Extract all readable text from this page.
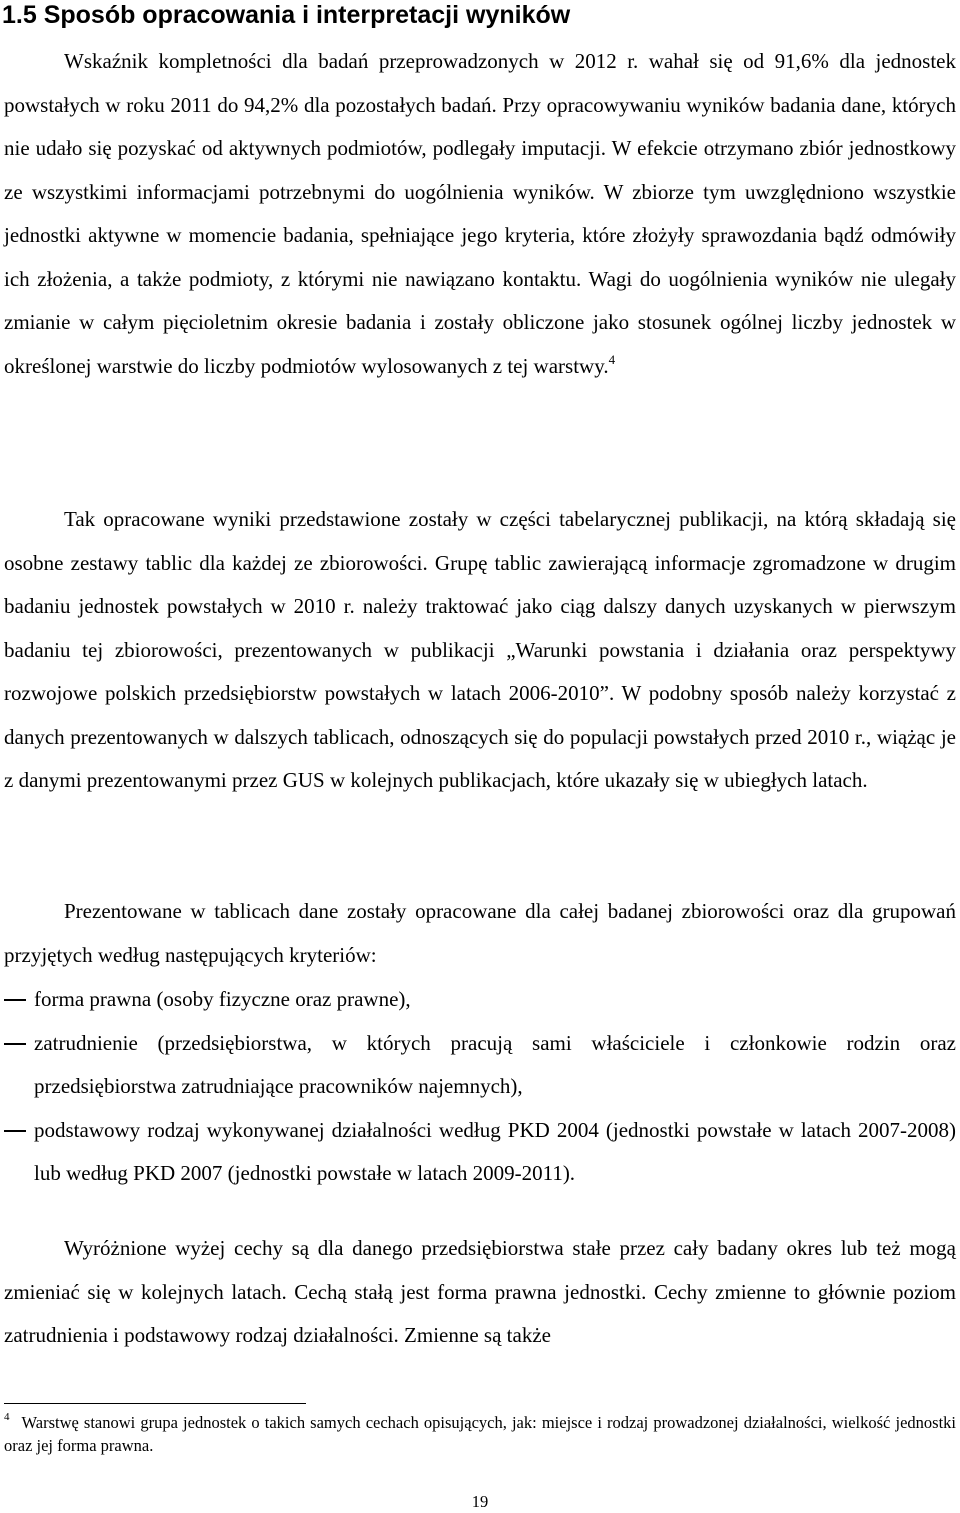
1.5 Sposób opracowania i interpretacji wyników

Wskaźnik kompletności dla badań przeprowadzonych w 2012 r. wahał się od 91,6% dla jednostek powstałych w roku 2011 do 94,2% dla pozostałych badań. Przy opracowywaniu wyników badania dane, których nie udało się pozyskać od aktywnych podmiotów, podlegały imputacji. W efekcie otrzymano zbiór jednostkowy ze wszystkimi informacjami potrzebnymi do uogólnienia wyników. W zbiorze tym uwzględniono wszystkie jednostki aktywne w momencie badania, spełniające jego kryteria, które złożyły sprawozdania bądź odmówiły ich złożenia, a także podmioty, z którymi nie nawiązano kontaktu. Wagi do uogólnienia wyników nie ulegały zmianie w całym pięcioletnim okresie badania i zostały obliczone jako stosunek ogólnej liczby jednostek w określonej warstwie do liczby podmiotów wylosowanych z tej warstwy.$^4$

Tak opracowane wyniki przedstawione zostały w części tabelarycznej publikacji, na którą składają się osobne zestawy tablic dla każdej ze zbiorowości. Grupę tablic zawierającą informacje zgromadzone w drugim badaniu jednostek powstałych w 2010 r. należy traktować jako ciąg dalszy danych uzyskanych w pierwszym badaniu tej zbiorowości, prezentowanych w publikacji „Warunki powstania i działania oraz perspektywy rozwojowe polskich przedsiębiorstw powstałych w latach 2006-2010”. W podobny sposób należy korzystać z danych prezentowanych w dalszych tablicach, odnoszących się do populacji powstałych przed 2010 r., wiążąc je z danymi prezentowanymi przez GUS w kolejnych publikacjach, które ukazały się w ubiegłych latach.

Prezentowane w tablicach dane zostały opracowane dla całej badanej zbiorowości oraz dla grupowań przyjętych według następujących kryteriów:

forma prawna (osoby fizyczne oraz prawne),
zatrudnienie (przedsiębiorstwa, w których pracują sami właściciele i członkowie rodzin oraz przedsiębiorstwa zatrudniające pracowników najemnych),
podstawowy rodzaj wykonywanej działalności według PKD 2004 (jednostki powstałe w latach 2007-2008) lub według PKD 2007 (jednostki powstałe w latach 2009-2011).

Wyróżnione wyżej cechy są dla danego przedsiębiorstwa stałe przez cały badany okres lub też mogą zmieniać się w kolejnych latach. Cechą stałą jest forma prawna jednostki. Cechy zmienne to głównie poziom zatrudnienia i podstawowy rodzaj działalności. Zmienne są także

$^4$ Warstwę stanowi grupa jednostek o takich samych cechach opisujących, jak: miejsce i rodzaj prowadzonej działalności, wielkość jednostki oraz jej forma prawna.

19
